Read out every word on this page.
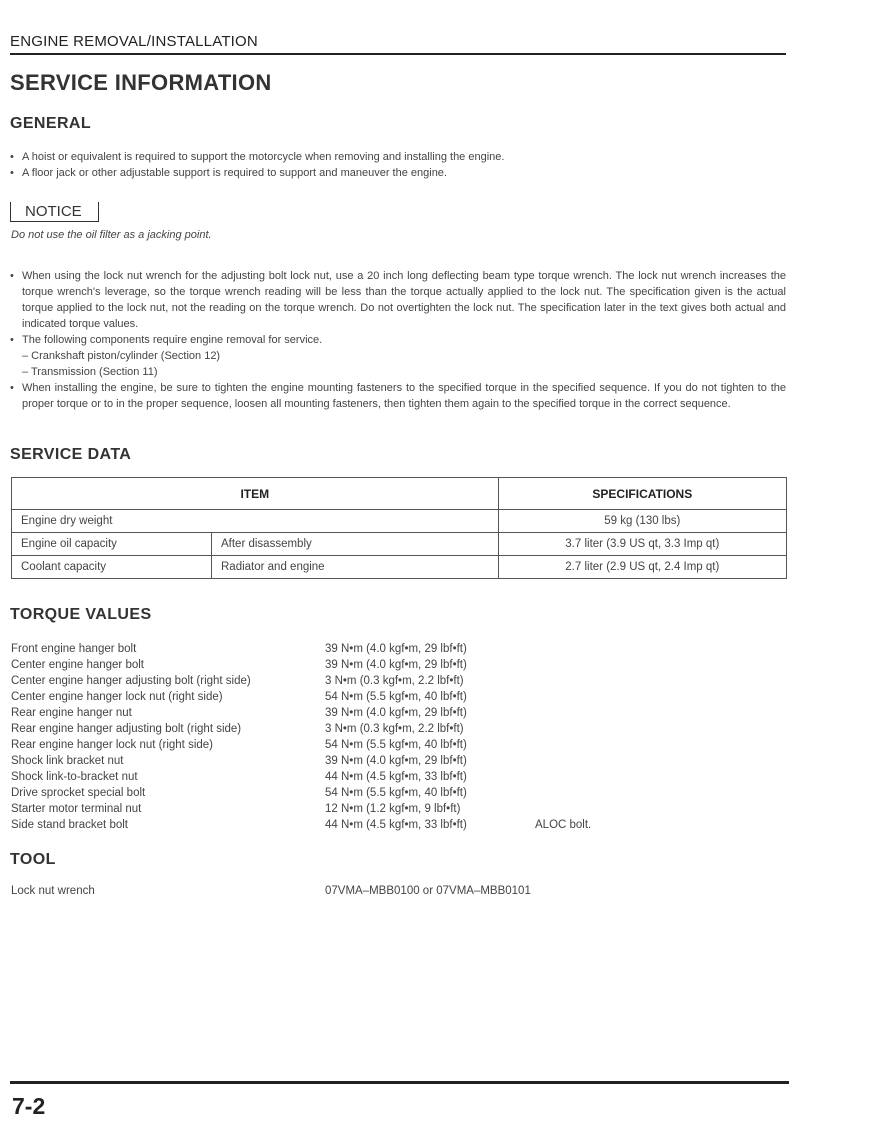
ENGINE REMOVAL/INSTALLATION
SERVICE INFORMATION
GENERAL
• A hoist or equivalent is required to support the motorcycle when removing and installing the engine.
• A floor jack or other adjustable support is required to support and maneuver the engine.
NOTICE
Do not use the oil filter as a jacking point.
• When using the lock nut wrench for the adjusting bolt lock nut, use a 20 inch long deflecting beam type torque wrench. The lock nut wrench increases the torque wrench's leverage, so the torque wrench reading will be less than the torque actually applied to the lock nut. The specification given is the actual torque applied to the lock nut, not the reading on the torque wrench. Do not overtighten the lock nut. The specification later in the text gives both actual and indicated torque values.
• The following components require engine removal for service.
– Crankshaft piston/cylinder (Section 12)
– Transmission (Section 11)
• When installing the engine, be sure to tighten the engine mounting fasteners to the specified torque in the specified sequence. If you do not tighten to the proper torque or to in the proper sequence, loosen all mounting fasteners, then tighten them again to the specified torque in the correct sequence.
SERVICE DATA
ITEM		SPECIFICATIONS
Engine dry weight		59 kg (130 lbs)
Engine oil capacity	After disassembly	3.7 liter (3.9 US qt, 3.3 Imp qt)
Coolant capacity	Radiator and engine	2.7 liter (2.9 US qt, 2.4 Imp qt)
TORQUE VALUES
Front engine hanger bolt	39 N•m (4.0 kgf•m, 29 lbf•ft)
Center engine hanger bolt	39 N•m (4.0 kgf•m, 29 lbf•ft)
Center engine hanger adjusting bolt (right side)	3 N•m (0.3 kgf•m, 2.2 lbf•ft)
Center engine hanger lock nut (right side)	54 N•m (5.5 kgf•m, 40 lbf•ft)
Rear engine hanger nut	39 N•m (4.0 kgf•m, 29 lbf•ft)
Rear engine hanger adjusting bolt (right side)	3 N•m (0.3 kgf•m, 2.2 lbf•ft)
Rear engine hanger lock nut (right side)	54 N•m (5.5 kgf•m, 40 lbf•ft)
Shock link bracket nut	39 N•m (4.0 kgf•m, 29 lbf•ft)
Shock link-to-bracket nut	44 N•m (4.5 kgf•m, 33 lbf•ft)
Drive sprocket special bolt	54 N•m (5.5 kgf•m, 40 lbf•ft)
Starter motor terminal nut	12 N•m (1.2 kgf•m, 9 lbf•ft)
Side stand bracket bolt	44 N•m (4.5 kgf•m, 33 lbf•ft)	ALOC bolt.
TOOL
Lock nut wrench	07VMA–MBB0100 or 07VMA–MBB0101
7-2
